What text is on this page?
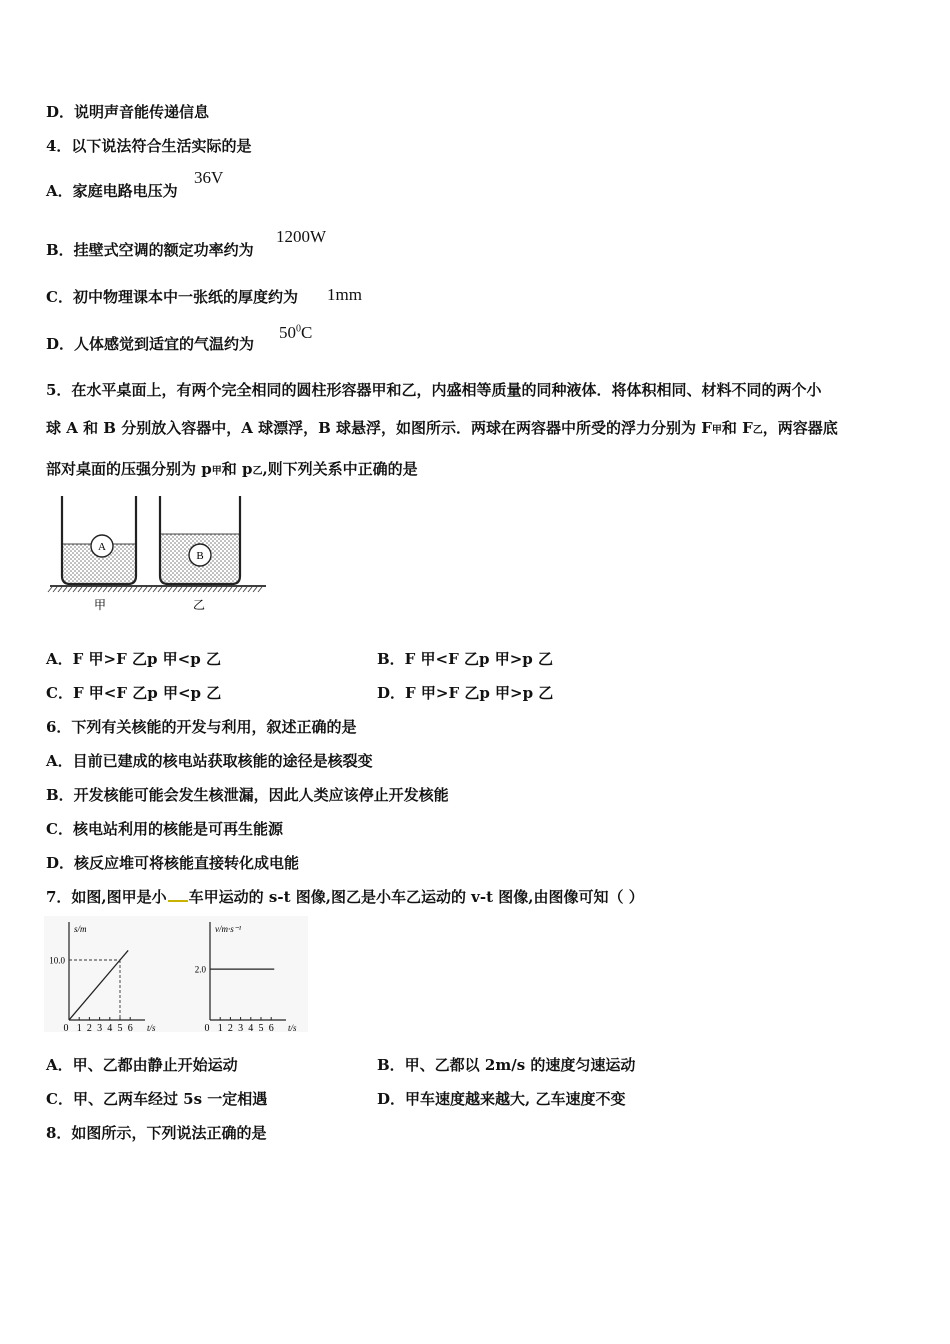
D．说明声音能传递信息
4．以下说法符合生活实际的是
A．家庭电路电压为
36V
B．挂壁式空调的额定功率约为
1200W
C．初中物理课本中一张纸的厚度约为 1mm
D．人体感觉到适宜的气温约为
$50^0C$
5．在水平桌面上，有两个完全相同的圆柱形容器甲和乙，内盛相等质量的同种液体．将体积相同、材料不同的两个小
球 A 和 B 分别放入容器中，A 球漂浮，B 球悬浮，如图所示．两球在两容器中所受的浮力分别为 F甲和 F乙，两容器底
部对桌面的压强分别为 p甲和 p乙,则下列关系中正确的是
A
B
甲	乙
A．F 甲>F 乙p 甲<p 乙	B．F 甲<F 乙p 甲>p 乙
C．F 甲<F 乙p 甲<p 乙	D．F 甲>F 乙p 甲>p 乙
6．下列有关核能的开发与利用，叙述正确的是
A．目前已建成的核电站获取核能的途径是核裂变
B．开发核能可能会发生核泄漏，因此人类应该停止开发核能
C．核电站利用的核能是可再生能源
D．核反应堆可将核能直接转化成电能
7．如图,图甲是小 车甲运动的 s-t 图像,图乙是小车乙运动的 v-t 图像,由图像可知（ ）
0 1 2 3 4 5 6
10.0
t/s
s/m
0 1 2 3 4 5 6
2.0
t/s
v/m·s⁻¹
A．甲、乙都由静止开始运动	B．甲、乙都以 2m/s 的速度匀速运动
C．甲、乙两车经过 5s 一定相遇	D．甲车速度越来越大, 乙车速度不变
8．如图所示，下列说法正确的是
